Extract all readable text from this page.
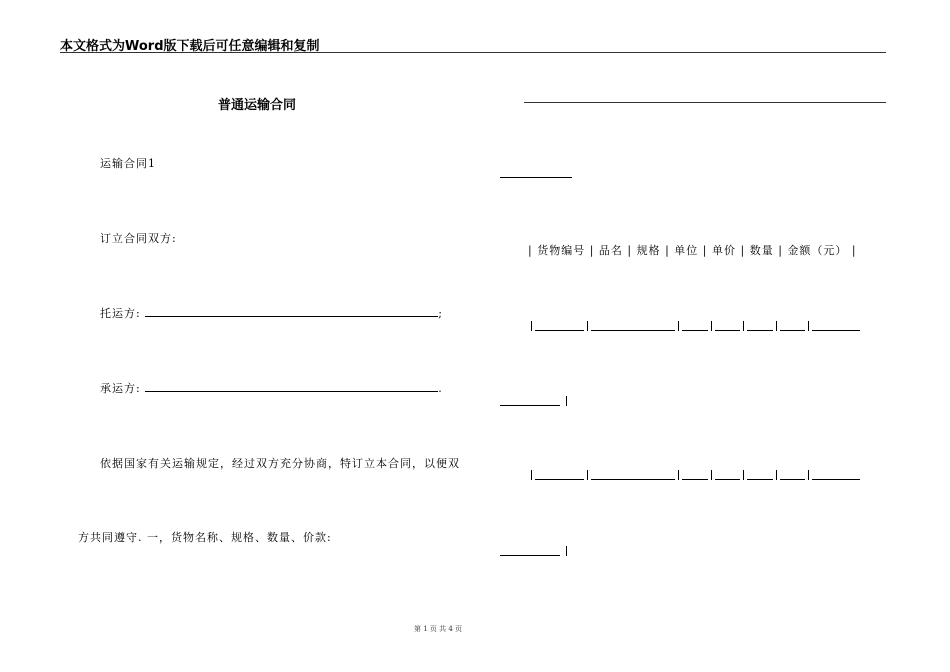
本文格式为Word版下载后可任意编辑和复制
普通运输合同
运输合同1
订立合同双方:
托运方:	;
承运方:	.
依据国家有关运输规定，经过双方充分协商，特订立本合同，以便双
方共同遵守. 一，货物名称、规格、数量、价款:
| 货物编号 | 品名 | 规格 | 单位 | 单价 | 数量 | 金额（元） |
第 1 页 共 4 页
